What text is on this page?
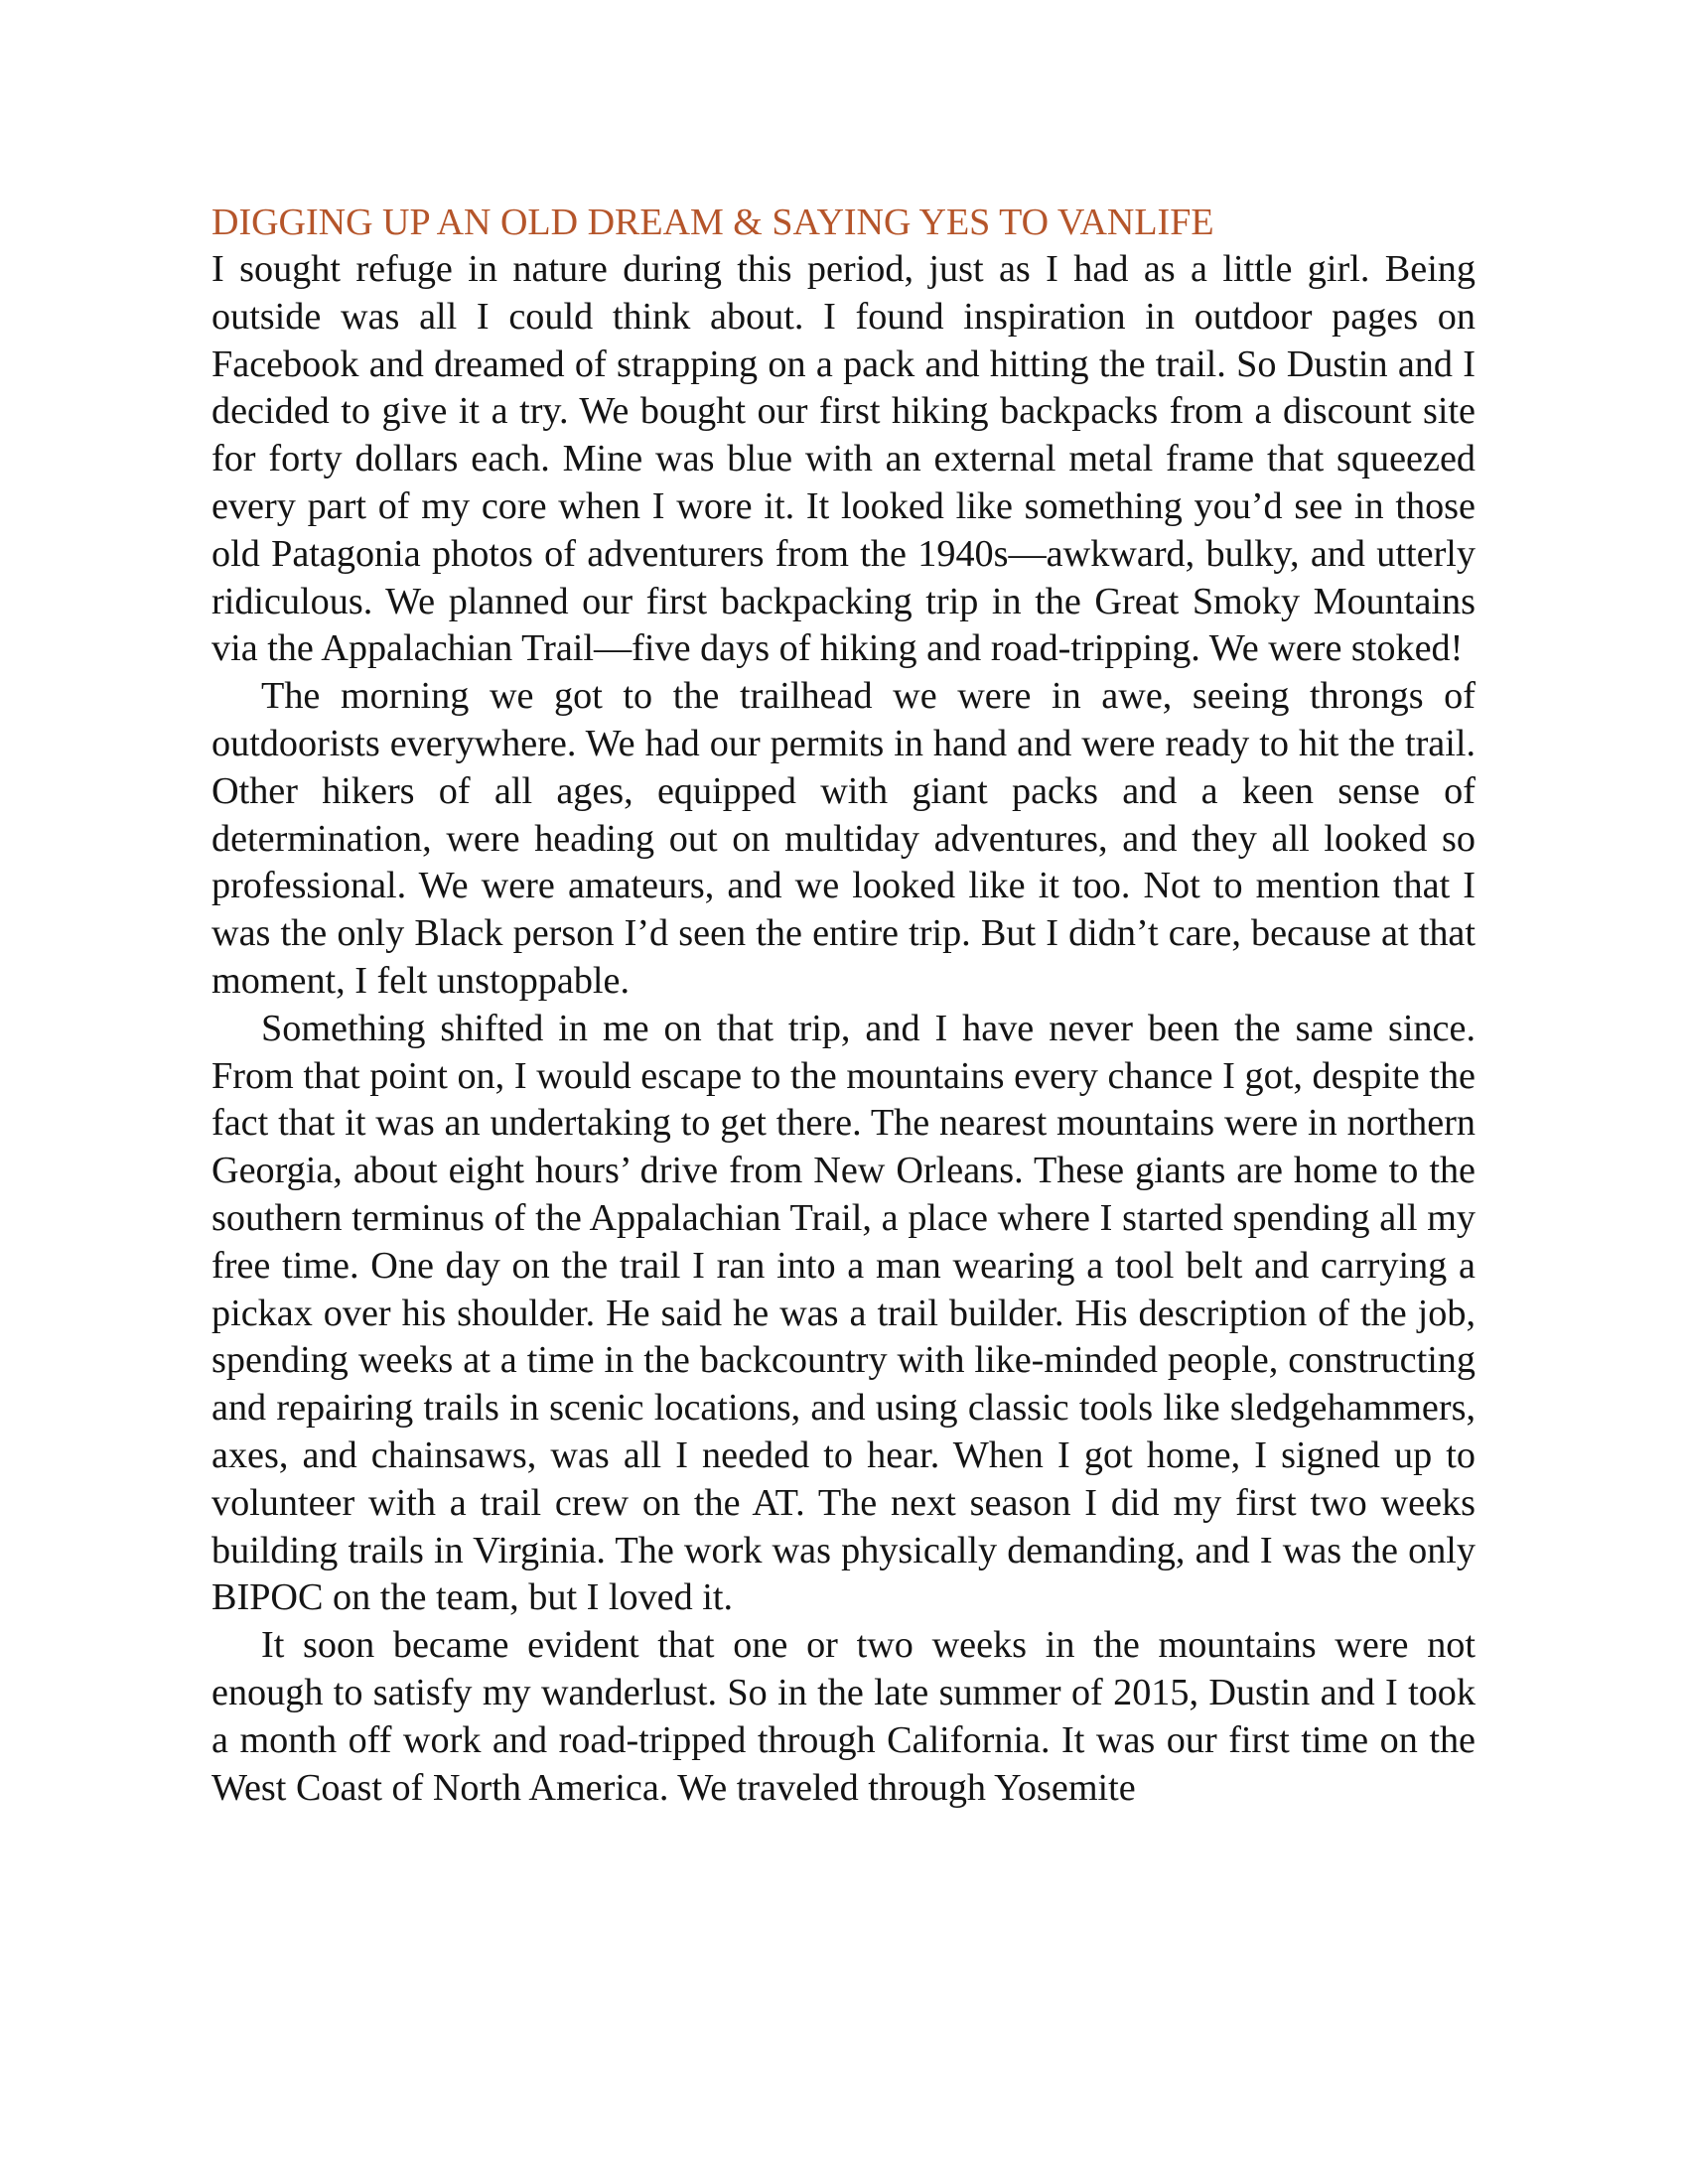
DIGGING UP AN OLD DREAM & SAYING YES TO VANLIFE

I sought refuge in nature during this period, just as I had as a little girl. Being outside was all I could think about. I found inspiration in outdoor pages on Facebook and dreamed of strapping on a pack and hitting the trail. So Dustin and I decided to give it a try. We bought our first hiking backpacks from a discount site for forty dollars each. Mine was blue with an external metal frame that squeezed every part of my core when I wore it. It looked like something you’d see in those old Patagonia photos of adventurers from the 1940s—awkward, bulky, and utterly ridiculous. We planned our first backpacking trip in the Great Smoky Mountains via the Appalachian Trail—five days of hiking and road-tripping. We were stoked!

The morning we got to the trailhead we were in awe, seeing throngs of outdoorists everywhere. We had our permits in hand and were ready to hit the trail. Other hikers of all ages, equipped with giant packs and a keen sense of determination, were heading out on multiday adventures, and they all looked so professional. We were amateurs, and we looked like it too. Not to mention that I was the only Black person I’d seen the entire trip. But I didn’t care, because at that moment, I felt unstoppable.

Something shifted in me on that trip, and I have never been the same since. From that point on, I would escape to the mountains every chance I got, despite the fact that it was an undertaking to get there. The nearest mountains were in northern Georgia, about eight hours’ drive from New Orleans. These giants are home to the southern terminus of the Appalachian Trail, a place where I started spending all my free time. One day on the trail I ran into a man wearing a tool belt and carrying a pickax over his shoulder. He said he was a trail builder. His description of the job, spending weeks at a time in the backcountry with like-minded people, constructing and repairing trails in scenic locations, and using classic tools like sledgehammers, axes, and chainsaws, was all I needed to hear. When I got home, I signed up to volunteer with a trail crew on the AT. The next season I did my first two weeks building trails in Virginia. The work was physically demanding, and I was the only BIPOC on the team, but I loved it.

It soon became evident that one or two weeks in the mountains were not enough to satisfy my wanderlust. So in the late summer of 2015, Dustin and I took a month off work and road-tripped through California. It was our first time on the West Coast of North America. We traveled through Yosemite
